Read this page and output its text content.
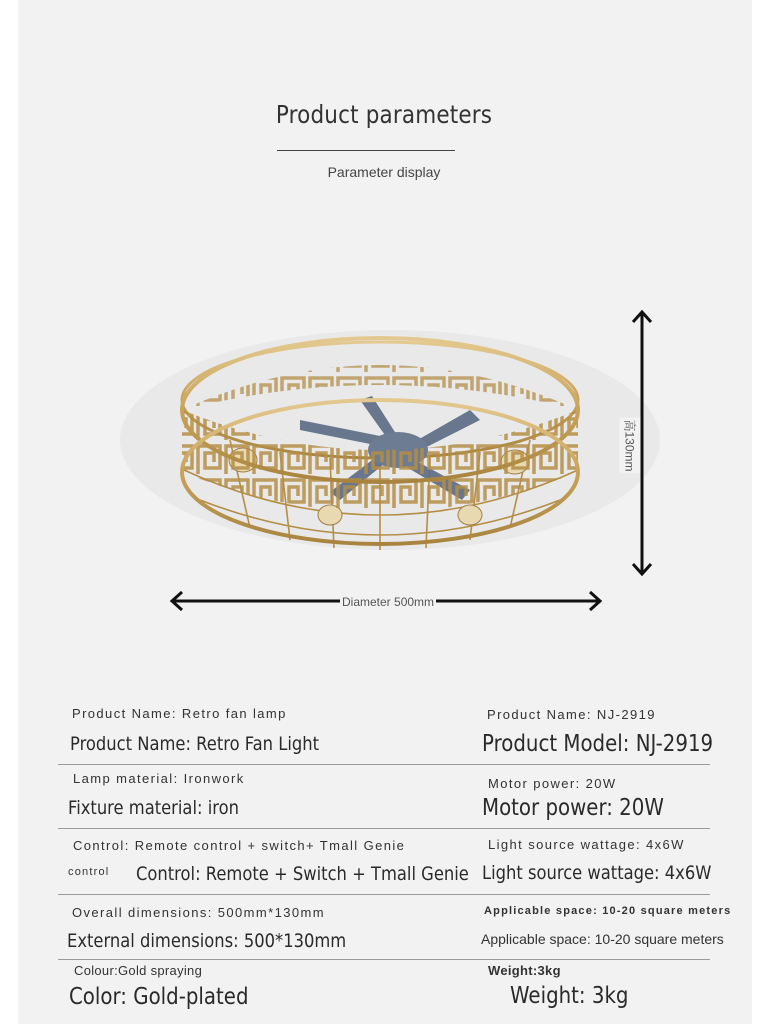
Product parameters
Parameter display
Diameter 500mm
高130mm
Product Name: Retro fan lamp
Product Name: Retro Fan Light
Product Name: NJ-2919
Product Model: NJ-2919
Lamp material: Ironwork
Fixture material: iron
Motor power: 20W
Motor power: 20W
Control: Remote control + switch+ Tmall Genie
control Control: Remote + Switch + Tmall Genie
Light source wattage: 4x6W
Light source wattage: 4x6W
Overall dimensions: 500mm*130mm
External dimensions: 500*130mm
Applicable space: 10-20 square meters
Applicable space: 10-20 square meters
Colour:Gold spraying
Color: Gold-plated
Weight:3kg
Weight: 3kg
